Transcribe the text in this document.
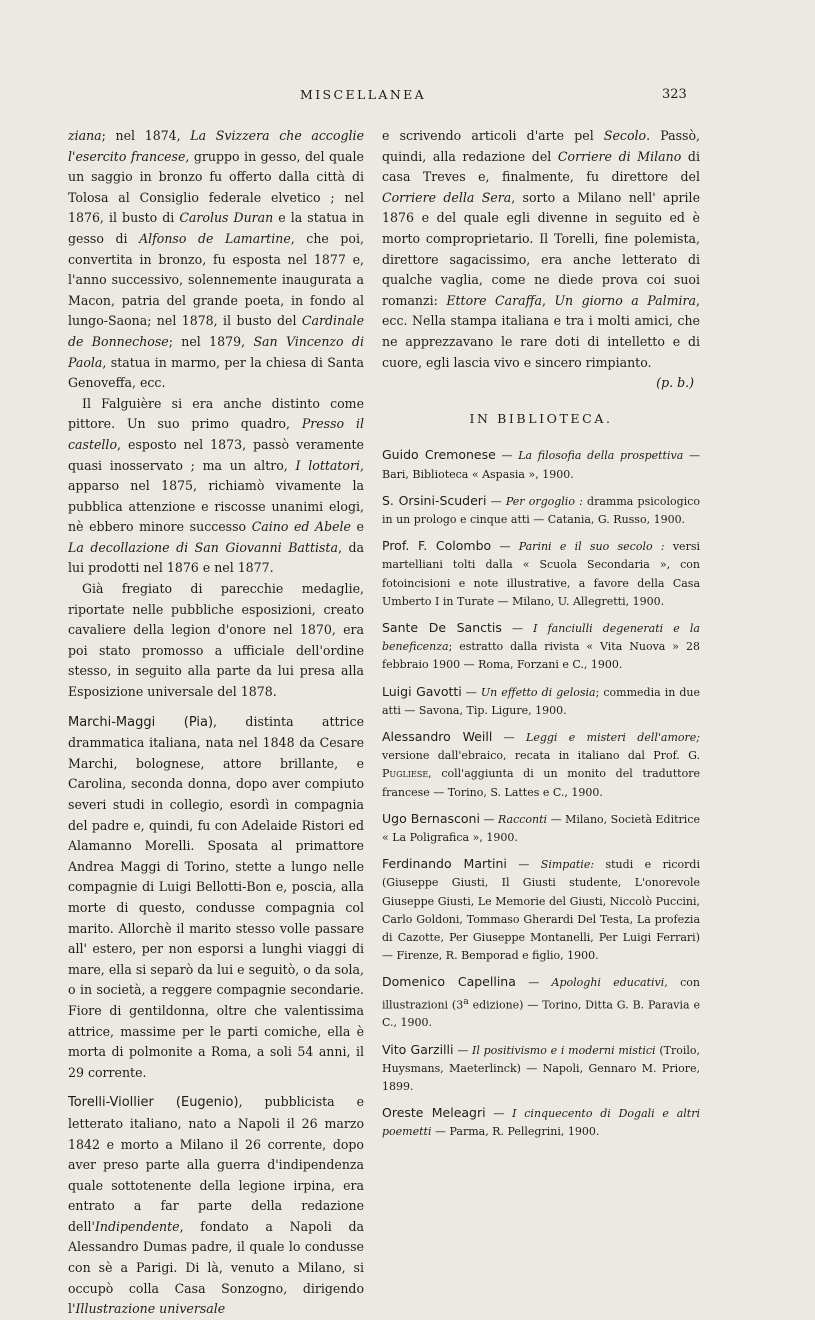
MISCELLANEA	323

ziana; nel 1874, La Svizzera che accoglie l'esercito francese, gruppo in gesso, del quale un saggio in bronzo fu offerto dalla città di Tolosa al Consiglio federale elvetico ; nel 1876, il busto di Carolus Duran e la statua in gesso di Alfonso de Lamartine, che poi, convertita in bronzo, fu esposta nel 1877 e, l'anno successivo, solennemente inaugurata a Macon, patria del grande poeta, in fondo al lungo-Saona; nel 1878, il busto del Cardinale de Bonnechose; nel 1879, San Vincenzo di Paola, statua in marmo, per la chiesa di Santa Genoveffa, ecc.

Il Falguière si era anche distinto come pittore. Un suo primo quadro, Presso il castello, esposto nel 1873, passò veramente quasi inosservato ; ma un altro, I lottatori, apparso nel 1875, richiamò vivamente la pubblica attenzione e riscosse unanimi elogi, nè ebbero minore successo Caino ed Abele e La decollazione di San Giovanni Battista, da lui prodotti nel 1876 e nel 1877.

Già fregiato di parecchie medaglie, riportate nelle pubbliche esposizioni, creato cavaliere della legion d'onore nel 1870, era poi stato promosso a ufficiale dell'ordine stesso, in seguito alla parte da lui presa alla Esposizione universale del 1878.

Marchi-Maggi (Pia), distinta attrice drammatica italiana, nata nel 1848 da Cesare Marchi, bolognese, attore brillante, e Carolina, seconda donna, dopo aver compiuto severi studi in collegio, esordì in compagnia del padre e, quindi, fu con Adelaide Ristori ed Alamanno Morelli. Sposata al primattore Andrea Maggi di Torino, stette a lungo nelle compagnie di Luigi Bellotti-Bon e, poscia, alla morte di questo, condusse compagnia col marito. Allorchè il marito stesso volle passare all' estero, per non esporsi a lunghi viaggi di mare, ella si separò da lui e seguitò, o da sola, o in società, a reggere compagnie secondarie. Fiore di gentildonna, oltre che valentissima attrice, massime per le parti comiche, ella è morta di polmonite a Roma, a soli 54 anni, il 29 corrente.

Torelli-Viollier (Eugenio), pubblicista e letterato italiano, nato a Napoli il 26 marzo 1842 e morto a Milano il 26 corrente, dopo aver preso parte alla guerra d'indipendenza quale sottotenente della legione irpina, era entrato a far parte della redazione dell'Indipendente, fondato a Napoli da Alessandro Dumas padre, il quale lo condusse con sè a Parigi. Di là, venuto a Milano, si occupò colla Casa Sonzogno, dirigendo l'Illustrazione universale

e scrivendo articoli d'arte pel Secolo. Passò, quindi, alla redazione del Corriere di Milano di casa Treves e, finalmente, fu direttore del Corriere della Sera, sorto a Milano nell' aprile 1876 e del quale egli divenne in seguito ed è morto comproprietario. Il Torelli, fine polemista, direttore sagacissimo, era anche letterato di qualche vaglia, come ne diede prova coi suoi romanzi: Ettore Caraffa, Un giorno a Palmira, ecc. Nella stampa italiana e tra i molti amici, che ne apprezzavano le rare doti di intelletto e di cuore, egli lascia vivo e sincero rimpianto.

(p. b.)

IN BIBLIOTECA.

Guido Cremonese — La filosofia della prospettiva — Bari, Biblioteca « Aspasia », 1900.
S. Orsini-Scuderi — Per orgoglio : dramma psicologico in un prologo e cinque atti — Catania, G. Russo, 1900.
Prof. F. Colombo — Parini e il suo secolo : versi martelliani tolti dalla « Scuola Secondaria », con fotoincisioni e note illustrative, a favore della Casa Umberto I in Turate — Milano, U. Allegretti, 1900.
Sante De Sanctis — I fanciulli degenerati e la beneficenza; estratto dalla rivista « Vita Nuova » 28 febbraio 1900 — Roma, Forzani e C., 1900.
Luigi Gavotti — Un effetto di gelosia; commedia in due atti — Savona, Tip. Ligure, 1900.
Alessandro Weill — Leggi e misteri dell'amore; versione dall'ebraico, recata in italiano dal Prof. G. Pugliese, coll'aggiunta di un monito del traduttore francese — Torino, S. Lattes e C., 1900.
Ugo Bernasconi — Racconti — Milano, Società Editrice « La Poligrafica », 1900.
Ferdinando Martini — Simpatie: studi e ricordi (Giuseppe Giusti, Il Giusti studente, L'onorevole Giuseppe Giusti, Le Memorie del Giusti, Niccolò Puccini, Carlo Goldoni, Tommaso Gherardi Del Testa, La profezia di Cazotte, Per Giuseppe Montanelli, Per Luigi Ferrari) — Firenze, R. Bemporad e figlio, 1900.
Domenico Capellina — Apologhi educativi, con illustrazioni (3$^a$ edizione) — Torino, Ditta G. B. Paravia e C., 1900.
Vito Garzilli — Il positivismo e i moderni mistici (Troilo, Huysmans, Maeterlinck) — Napoli, Gennaro M. Priore, 1899.
Oreste Meleagri — I cinquecento di Dogali e altri poemetti — Parma, R. Pellegrini, 1900.
